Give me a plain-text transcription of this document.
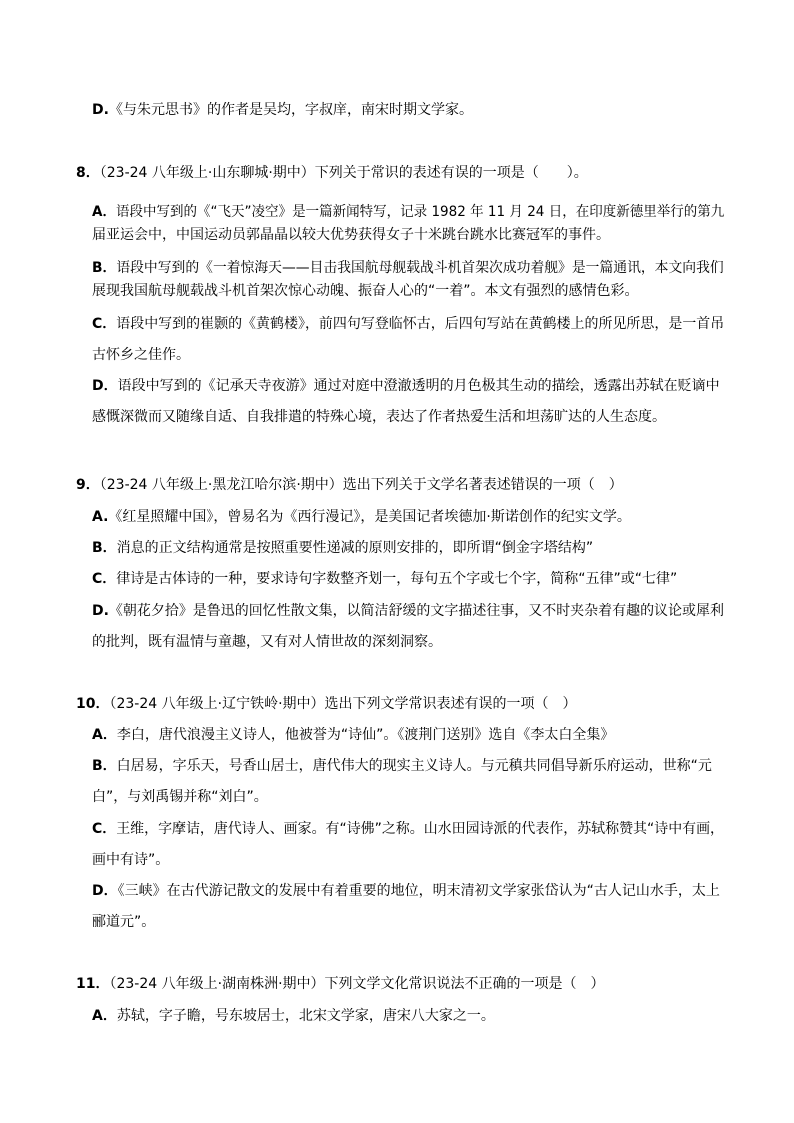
D.《与朱元思书》的作者是吴均，字叔庠，南宋时期文学家。
8．（23-24 八年级上·山东聊城·期中）下列关于常识的表述有误的一项是（　　）。
A．语段中写到的《“飞天”凌空》是一篇新闻特写，记录 1982 年 11 月 24 日，在印度新德里举行的第九
届亚运会中，中国运动员郭晶晶以较大优势获得女子十米跳台跳水比赛冠军的事件。
B．语段中写到的《一着惊海天——目击我国航母舰载战斗机首架次成功着舰》是一篇通讯，本文向我们
展现我国航母舰载战斗机首架次惊心动魄、振奋人心的“一着”。本文有强烈的感情色彩。
C．语段中写到的崔颢的《黄鹤楼》，前四句写登临怀古，后四句写站在黄鹤楼上的所见所思，是一首吊
古怀乡之佳作。
D．语段中写到的《记承天寺夜游》通过对庭中澄澈透明的月色极其生动的描绘，透露出苏轼在贬谪中
感慨深微而又随缘自适、自我排遣的特殊心境，表达了作者热爱生活和坦荡旷达的人生态度。
9．（23-24 八年级上·黑龙江哈尔滨·期中）选出下列关于文学名著表述错误的一项（　）
A.《红星照耀中国》，曾易名为《西行漫记》，是美国记者埃德加·斯诺创作的纪实文学。
B．消息的正文结构通常是按照重要性递减的原则安排的，即所谓“倒金字塔结构”
C．律诗是古体诗的一种，要求诗句字数整齐划一，每句五个字或七个字，简称“五律”或“七律”
D.《朝花夕拾》是鲁迅的回忆性散文集，以简洁舒缓的文字描述往事，又不时夹杂着有趣的议论或犀利
的批判，既有温情与童趣，又有对人情世故的深刻洞察。
10．（23-24 八年级上·辽宁铁岭·期中）选出下列文学常识表述有误的一项（　）
A．李白，唐代浪漫主义诗人，他被誉为“诗仙”。《渡荆门送别》选自《李太白全集》
B．白居易，字乐天，号香山居士，唐代伟大的现实主义诗人。与元稹共同倡导新乐府运动，世称“元
白”，与刘禹锡并称“刘白”。
C．王维，字摩诘，唐代诗人、画家。有“诗佛”之称。山水田园诗派的代表作，苏轼称赞其“诗中有画，
画中有诗”。
D．《三峡》在古代游记散文的发展中有着重要的地位，明末清初文学家张岱认为“古人记山水手，太上
郦道元”。
11．（23-24 八年级上·湖南株洲·期中）下列文学文化常识说法不正确的一项是（　）
A．苏轼，字子瞻，号东坡居士，北宋文学家，唐宋八大家之一。
